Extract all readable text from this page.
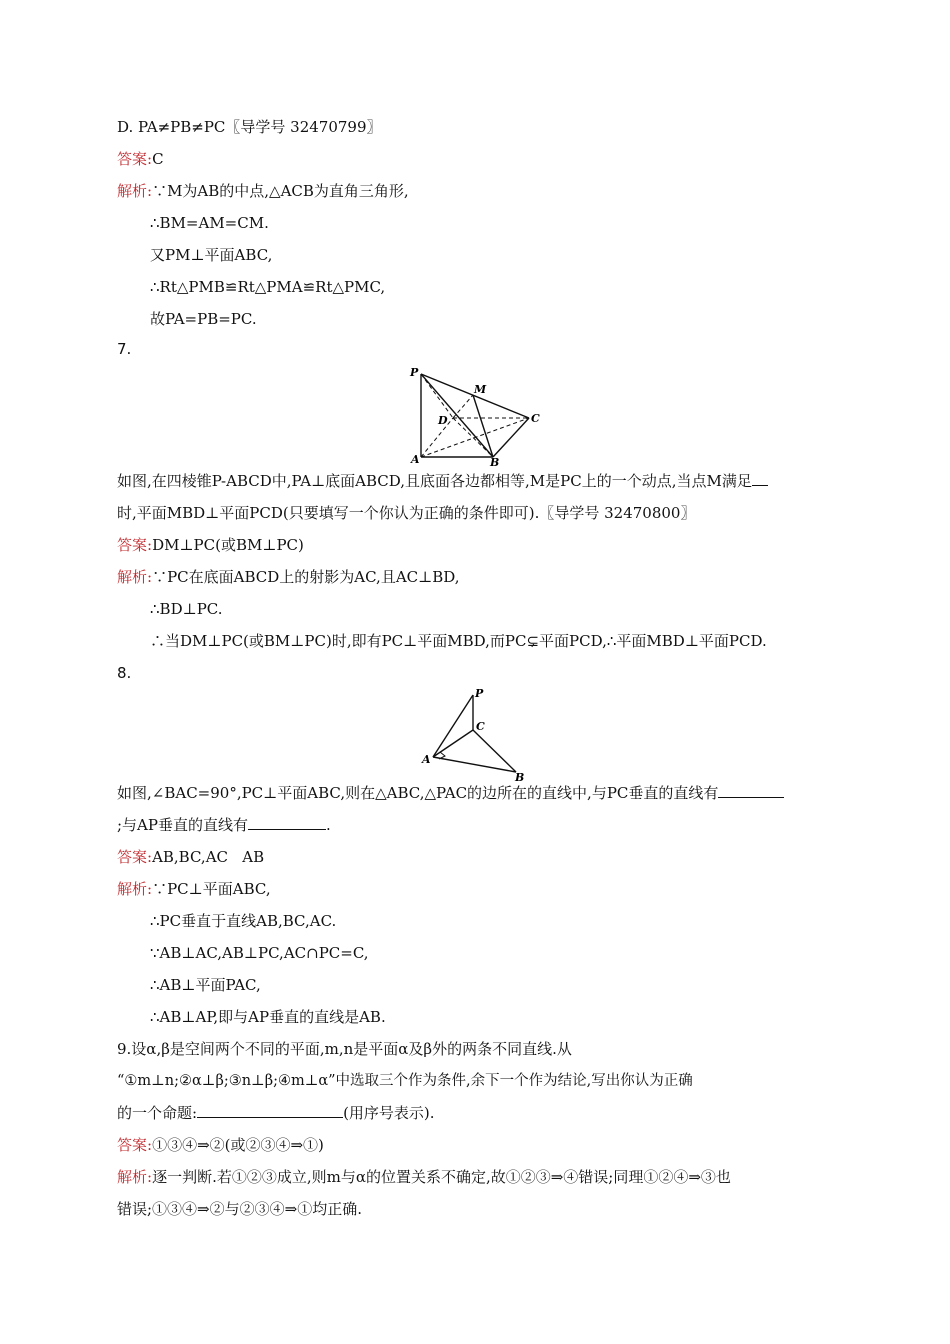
D. PA≠PB≠PC〖导学号 32470799〗
答案:C
解析:∵M为AB的中点,△ACB为直角三角形,
∴BM=AM=CM.
又PM⊥平面ABC,
∴Rt△PMB≌Rt△PMA≌Rt△PMC,
故PA=PB=PC.
7.
P
M
D	C
A	B
如图,在四棱锥P-ABCD中,PA⊥底面ABCD,且底面各边都相等,M是PC上的一个动点,当点M满足
时,平面MBD⊥平面PCD(只要填写一个你认为正确的条件即可).〖导学号 32470800〗
答案:DM⊥PC(或BM⊥PC)
解析:∵PC在底面ABCD上的射影为AC,且AC⊥BD,
∴BD⊥PC.
∴当DM⊥PC(或BM⊥PC)时,即有PC⊥平面MBD,而PC⊊平面PCD,∴平面MBD⊥平面PCD.
8.
P
C
A
B
如图,∠BAC=90°,PC⊥平面ABC,则在△ABC,△PAC的边所在的直线中,与PC垂直的直线有
;与AP垂直的直线有	.
答案:AB,BC,AC   AB
解析:∵PC⊥平面ABC,
∴PC垂直于直线AB,BC,AC.
∵AB⊥AC,AB⊥PC,AC∩PC=C,
∴AB⊥平面PAC,
∴AB⊥AP,即与AP垂直的直线是AB.
9.设α,β是空间两个不同的平面,m,n是平面α及β外的两条不同直线.从
“①m⊥n;②α⊥β;③n⊥β;④m⊥α”中选取三个作为条件,余下一个作为结论,写出你认为正确
的一个命题:	(用序号表示).
答案:①③④⇒②(或②③④⇒①)
解析:逐一判断.若①②③成立,则m与α的位置关系不确定,故①②③⇒④错误;同理①②④⇒③也
错误;①③④⇒②与②③④⇒①均正确.
